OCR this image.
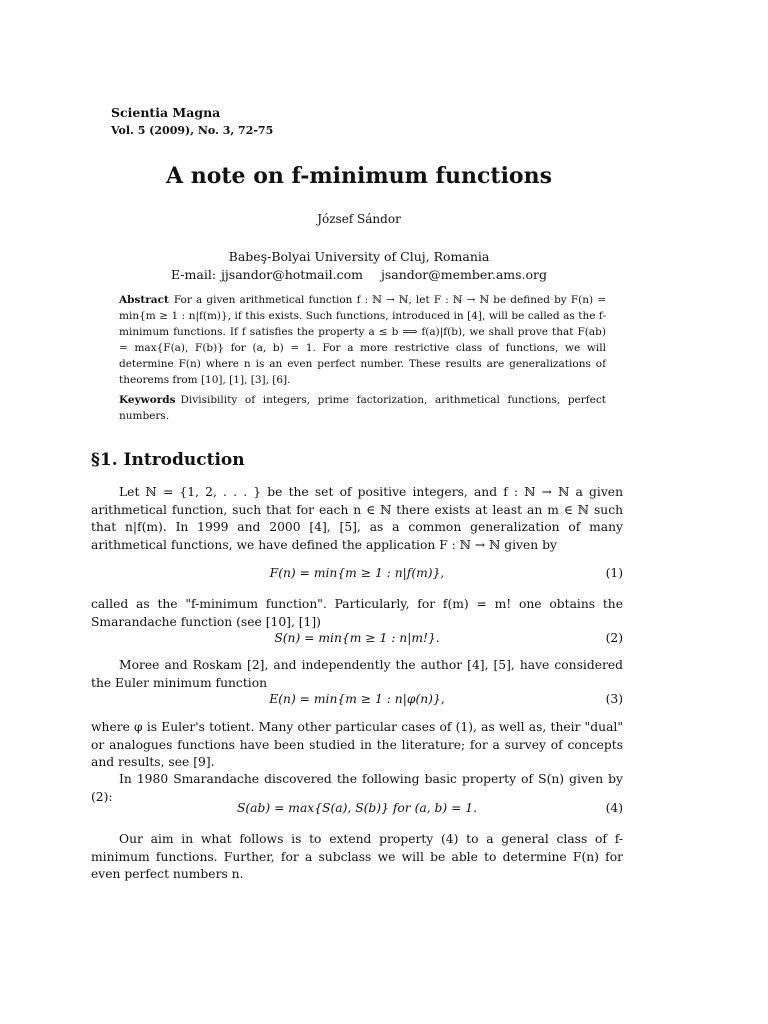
Scientia Magna
Vol. 5 (2009), No. 3, 72-75
A note on f-minimum functions
József Sándor
Babeş-Bolyai University of Cluj, Romania
E-mail: jjsandor@hotmail.com jsandor@member.ams.org
Abstract For a given arithmetical function f : ℕ → ℕ, let F : ℕ → ℕ be defined by F(n) = min{m ≥ 1 : n|f(m)}, if this exists. Such functions, introduced in [4], will be called as the f-minimum functions. If f satisfies the property a ≤ b ⟹ f(a)|f(b), we shall prove that F(ab) = max{F(a), F(b)} for (a, b) = 1. For a more restrictive class of functions, we will determine F(n) where n is an even perfect number. These results are generalizations of theorems from [10], [1], [3], [6].
Keywords Divisibility of integers, prime factorization, arithmetical functions, perfect numbers.
§1. Introduction
Let ℕ = {1, 2, . . . } be the set of positive integers, and f : ℕ → ℕ a given arithmetical function, such that for each n ∈ ℕ there exists at least an m ∈ ℕ such that n|f(m). In 1999 and 2000 [4], [5], as a common generalization of many arithmetical functions, we have defined the application F : ℕ → ℕ given by
F(n) = min{m ≥ 1 : n|f(m)},	(1)
called as the "f-minimum function". Particularly, for f(m) = m! one obtains the Smarandache function (see [10], [1])
S(n) = min{m ≥ 1 : n|m!}.	(2)
Moree and Roskam [2], and independently the author [4], [5], have considered the Euler minimum function
E(n) = min{m ≥ 1 : n|φ(n)},	(3)
where φ is Euler's totient. Many other particular cases of (1), as well as, their "dual" or analogues functions have been studied in the literature; for a survey of concepts and results, see [9].
In 1980 Smarandache discovered the following basic property of S(n) given by (2):
S(ab) = max{S(a), S(b)} for (a, b) = 1.	(4)
Our aim in what follows is to extend property (4) to a general class of f-minimum functions. Further, for a subclass we will be able to determine F(n) for even perfect numbers n.
